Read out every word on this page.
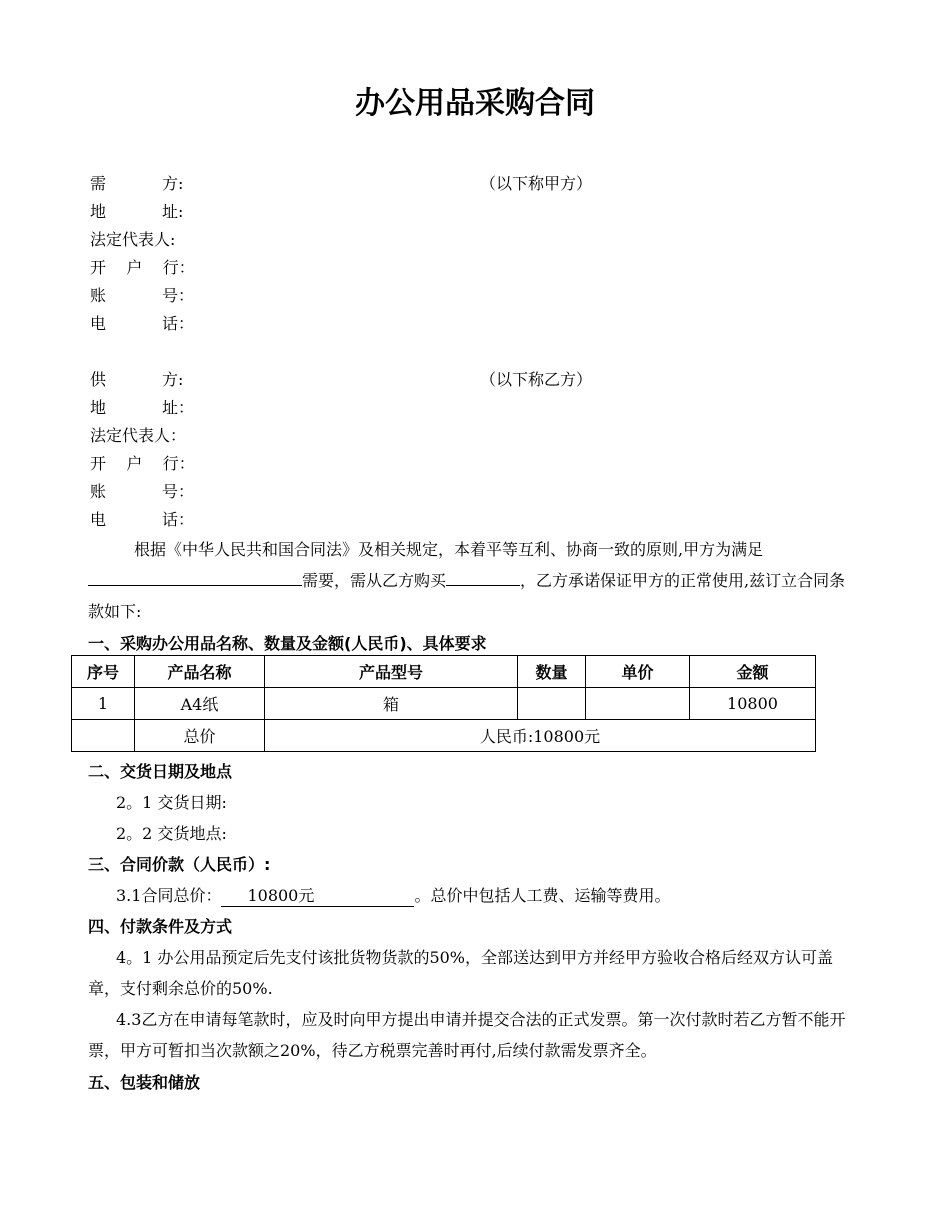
办公用品采购合同
需           方:	（以下称甲方）
地           址:
法定代表人:
开    户    行：
账           号：
电           话：
供           方:	（以下称乙方）
地           址：
法定代表人：
开    户    行：
账           号：
电           话：
根据《中华人民共和国合同法》及相关规定，本着平等互利、协商一致的原则,甲方为满足需要，需从乙方购买	，乙方承诺保证甲方的正常使用,兹订立合同条款如下:
一、采购办公用品名称、数量及金额(人民币)、具体要求
序号	产品名称	产品型号	数量	单价	金额
1	A4纸	箱			10800
	总价	人民币:10800元			
二、交货日期及地点
2。1 交货日期:
2。2 交货地点:
三、合同价款（人民币）:
3.1合同总价： 10800元	。总价中包括人工费、运输等费用。
四、付款条件及方式
4。1 办公用品预定后先支付该批货物货款的50%，全部送达到甲方并经甲方验收合格后经双方认可盖章，支付剩余总价的50%.
4.3乙方在申请每笔款时，应及时向甲方提出申请并提交合法的正式发票。第一次付款时若乙方暂不能开票，甲方可暂扣当次款额之20%，待乙方税票完善时再付,后续付款需发票齐全。
五、包装和储放
